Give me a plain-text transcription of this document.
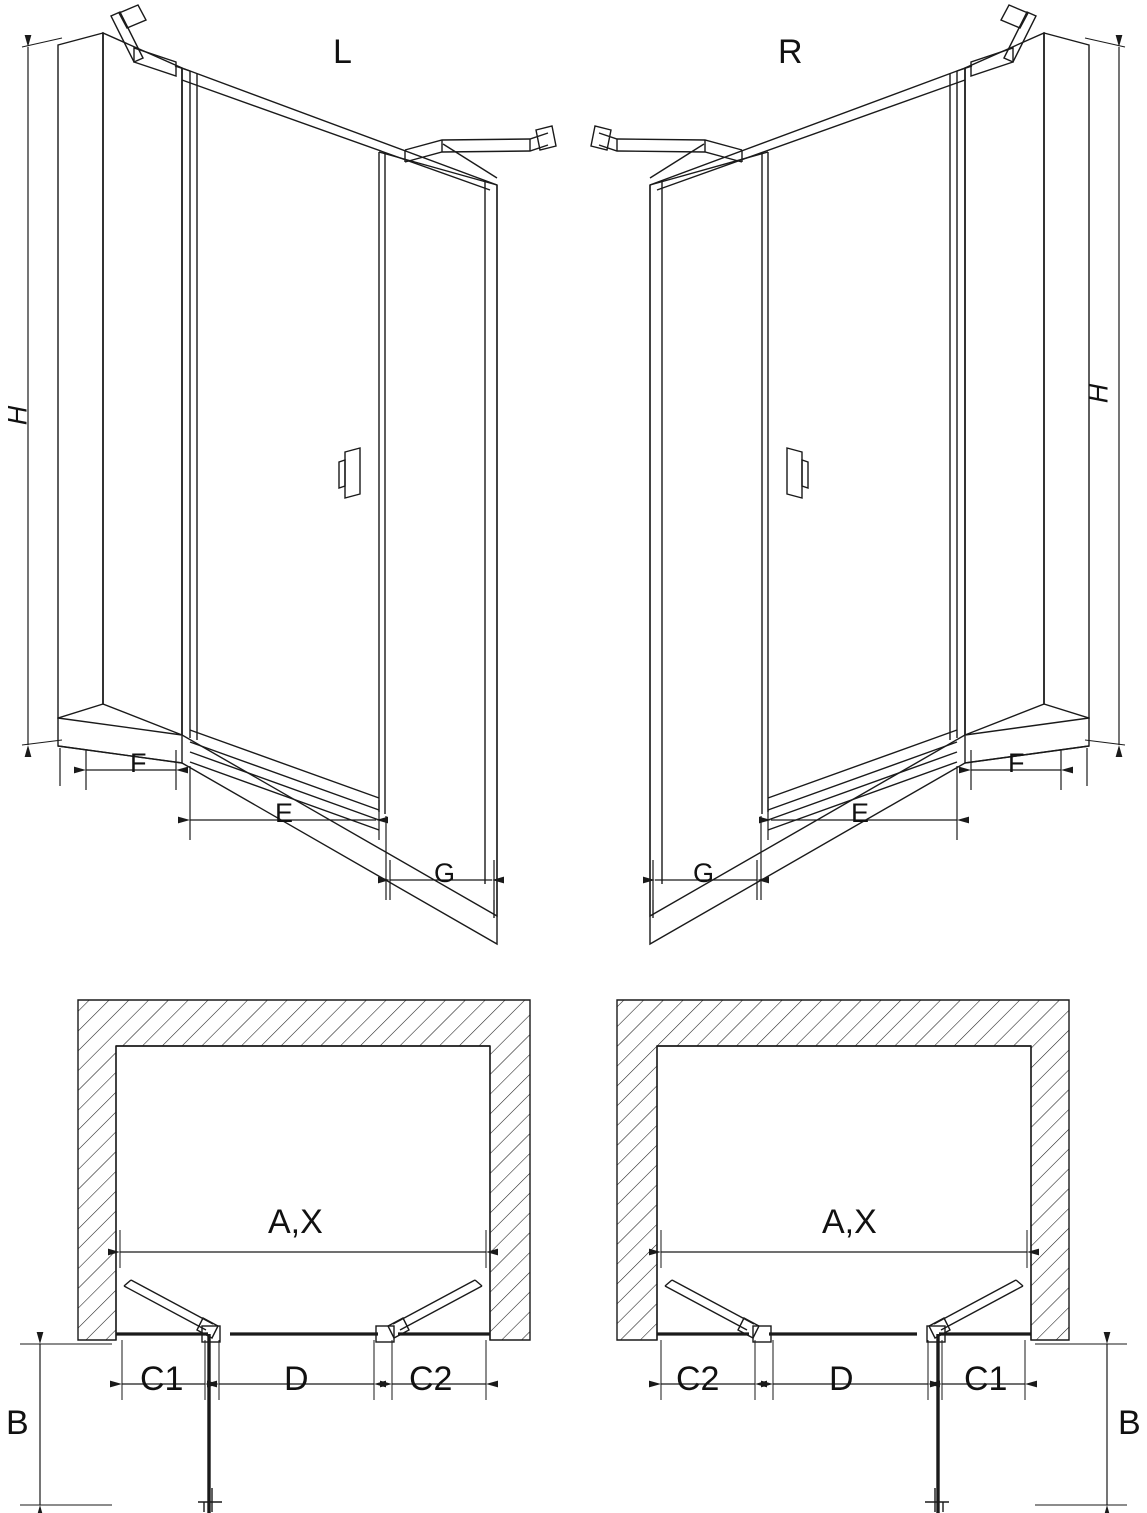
L	R
H
H
F
E
G
F
E
G
A,X	A,X
C1	D	C2	C2	D	C1
B	B
